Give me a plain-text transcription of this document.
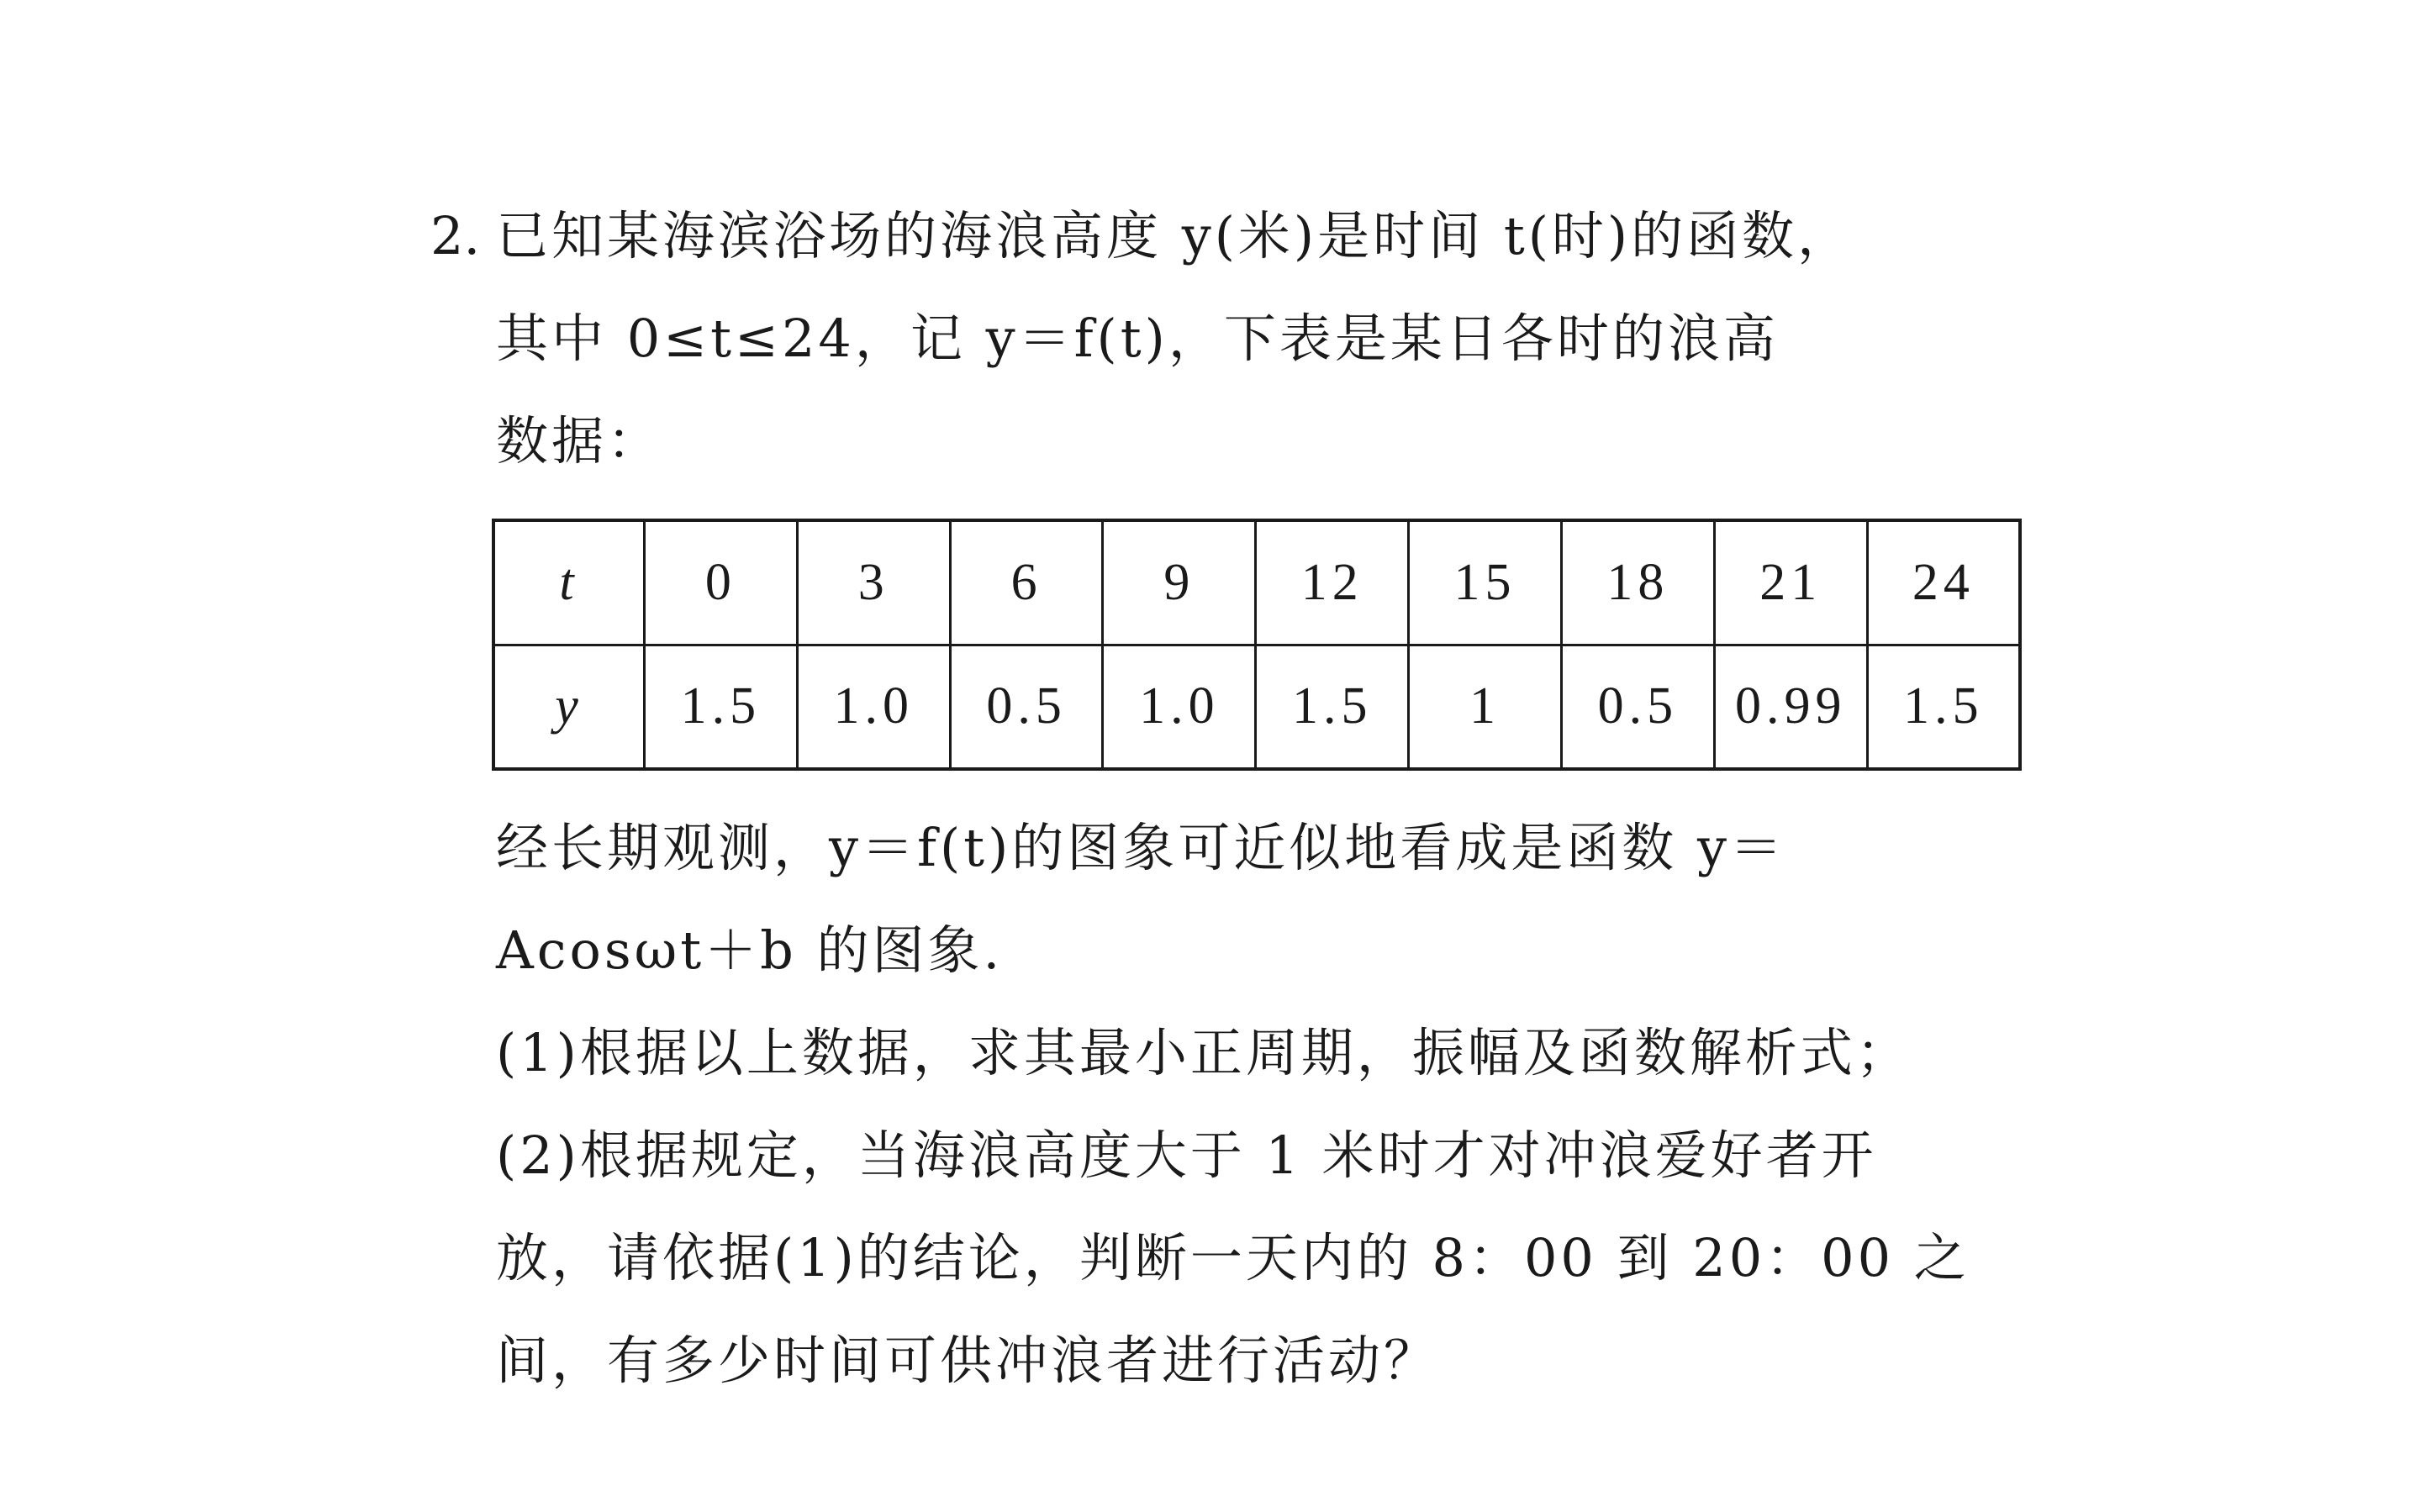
2. 已知某海滨浴场的海浪高度 y(米)是时间 t(时)的函数，
其中 0≤t≤24，记 y＝f(t)，下表是某日各时的浪高
数据：
t	0	3	6	9	12	15	18	21	24
y	1.5	1.0	0.5	1.0	1.5	1	0.5	0.99	1.5
经长期观测，y＝f(t)的图象可近似地看成是函数 y＝
Acosωt＋b 的图象.
(1)根据以上数据，求其最小正周期，振幅及函数解析式；
(2)根据规定，当海浪高度大于 1 米时才对冲浪爱好者开
放，请依据(1)的结论，判断一天内的 8：00 到 20：00 之
间，有多少时间可供冲浪者进行活动？
